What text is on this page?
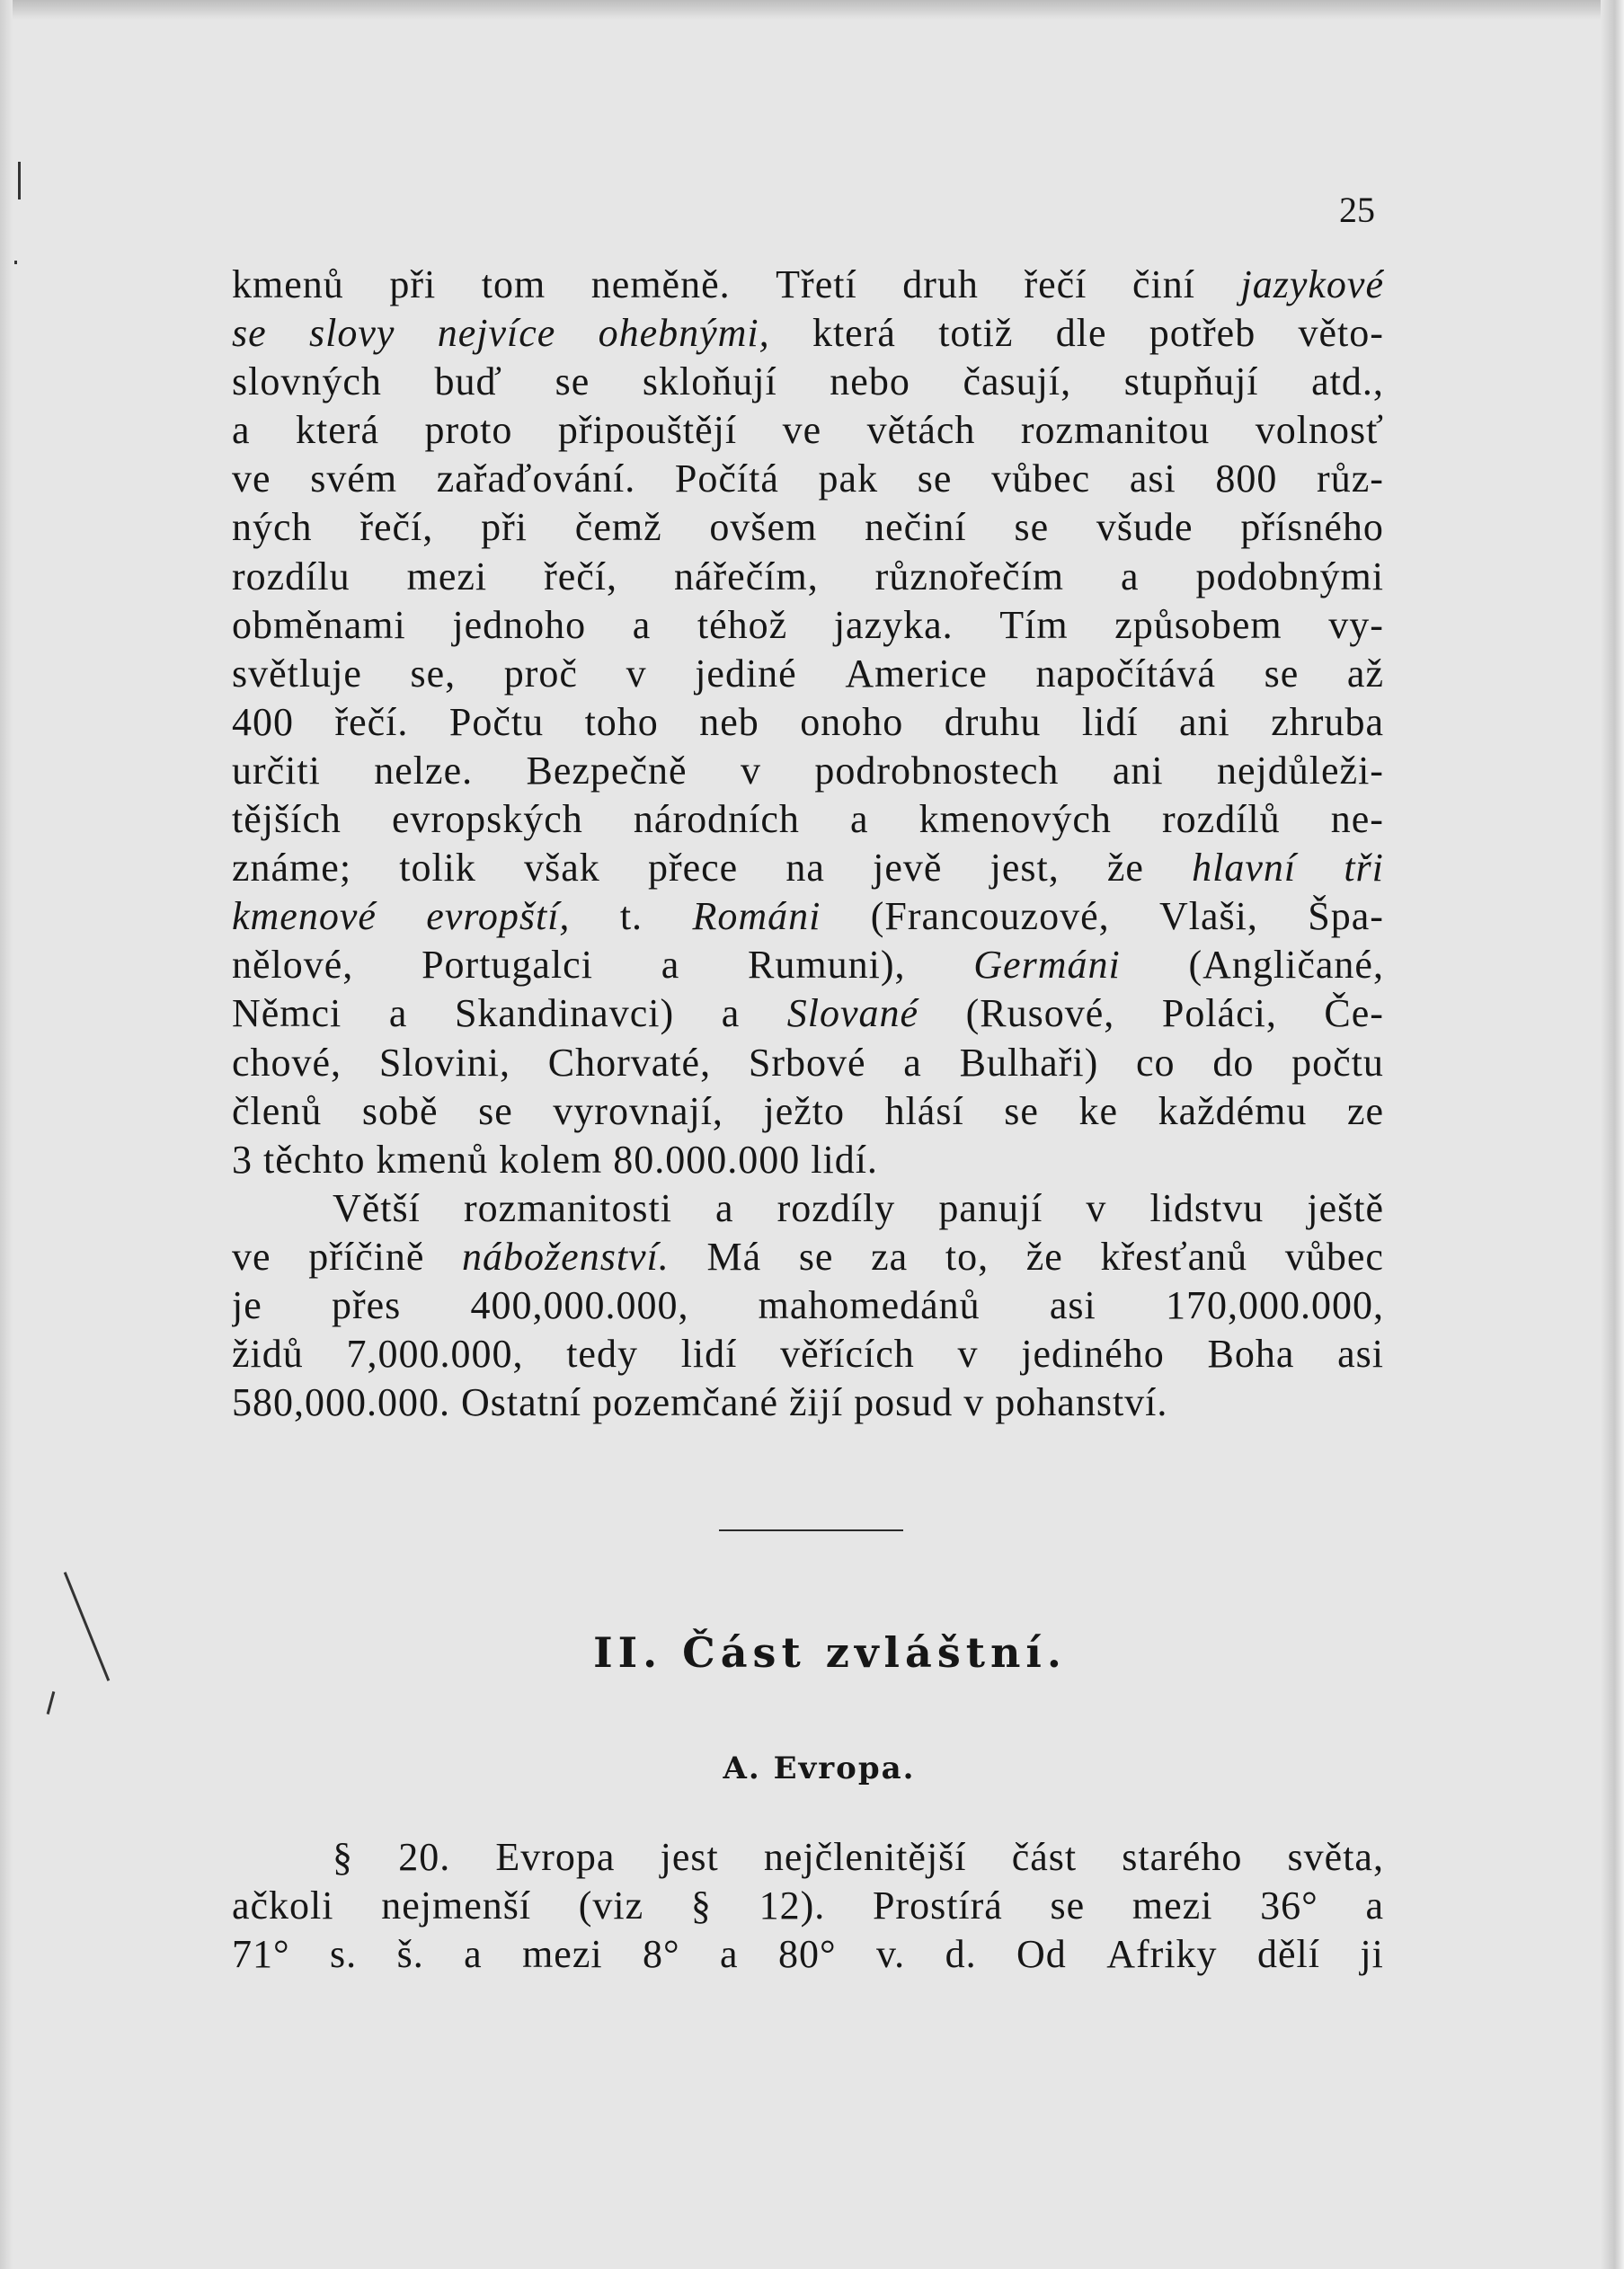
25
kmenů při tom neměně. Třetí druh řečí činí jazykové
se slovy nejvíce ohebnými, která totiž dle potřeb věto-
slovných buď se skloňují nebo časují, stupňují atd.,
a která proto připouštějí ve větách rozmanitou volnosť
ve svém zařaďování. Počítá pak se vůbec asi 800 růz-
ných řečí, při čemž ovšem nečiní se všude přísného
rozdílu mezi řečí, nářečím, různořečím a podobnými
obměnami jednoho a téhož jazyka. Tím způsobem vy-
světluje se, proč v jediné Americe napočítává se až
400 řečí. Počtu toho neb onoho druhu lidí ani zhruba
určiti nelze. Bezpečně v podrobnostech ani nejdůleži-
tějších evropských národních a kmenových rozdílů ne-
známe; tolik však přece na jevě jest, že hlavní tři
kmenové evropští, t. Románi (Francouzové, Vlaši, Špa-
nělové, Portugalci a Rumuni), Germáni (Angličané,
Němci a Skandinavci) a Slované (Rusové, Poláci, Če-
chové, Slovini, Chorvaté, Srbové a Bulhaři) co do počtu
členů sobě se vyrovnají, ježto hlásí se ke každému ze
3 těchto kmenů kolem 80.000.000 lidí.
Větší rozmanitosti a rozdíly panují v lidstvu ještě
ve příčině náboženství. Má se za to, že křesťanů vůbec
je přes 400,000.000, mahomedánů asi 170,000.000,
židů 7,000.000, tedy lidí věřících v jediného Boha asi
580,000.000. Ostatní pozemčané žijí posud v pohanství.
II. Část zvláštní.
A. Evropa.
§ 20. Evropa jest nejčlenitější část starého světa,
ačkoli nejmenší (viz § 12). Prostírá se mezi 36° a
71° s. š. a mezi 8° a 80° v. d. Od Afriky dělí ji
